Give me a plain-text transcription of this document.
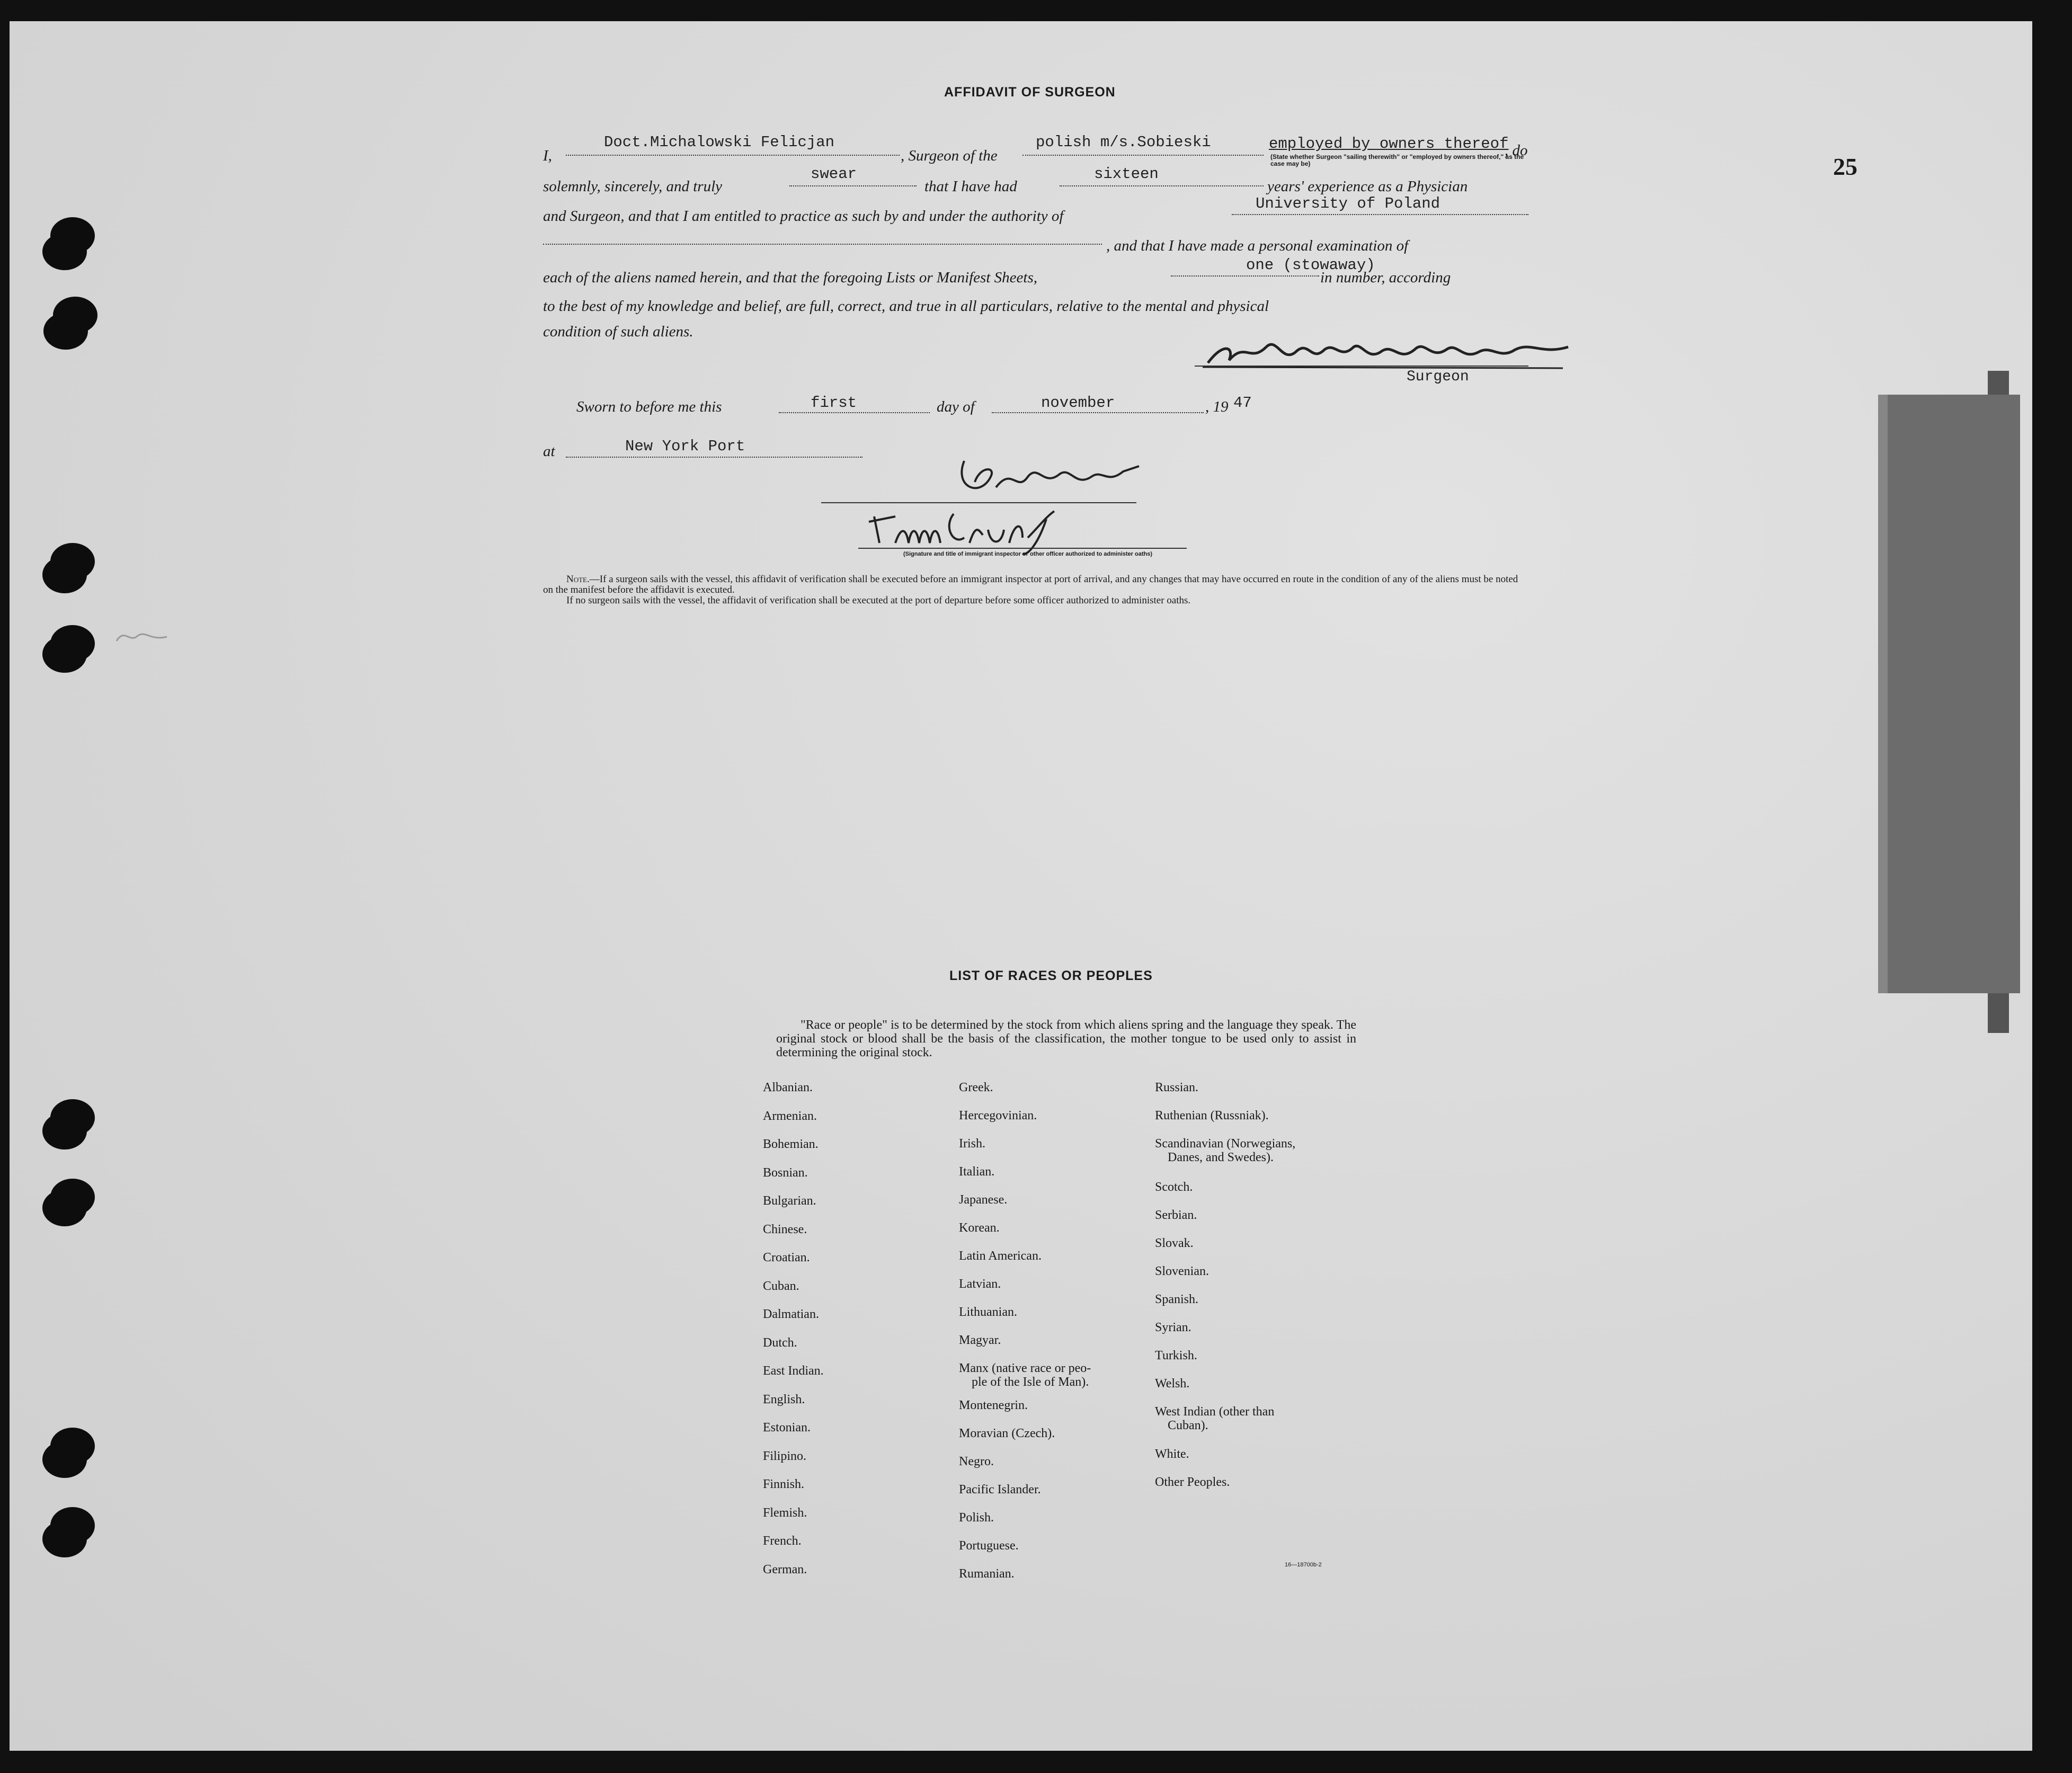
25
AFFIDAVIT OF SURGEON
I,
Doct.Michalowski Felicjan
, Surgeon of the
polish m/s.Sobieski	employed by owners thereof
, do
(State whether Surgeon "sailing therewith" or "employed by owners thereof," as the case may be)
solemnly, sincerely, and truly
swear
that I have had
sixteen
years' experience as a Physician
and Surgeon, and that I am entitled to practice as such by and under the authority of
University of Poland
, and that I have made a personal examination of
each of the aliens named herein, and that the foregoing Lists or Manifest Sheets,
one (stowaway)
in number, according
to the best of my knowledge and belief, are full, correct, and true in all particulars, relative to the mental and physical
condition of such aliens.
Surgeon
Sworn to before me this	first	day of	november	, 19 47
at	New York Port
(Signature and title of immigrant inspector or other officer authorized to administer oaths)

Note.—If a surgeon sails with the vessel, this affidavit of verification shall be executed before an immigrant inspector at port of arrival, and any changes that may have occurred en route in the condition of any of the aliens must be noted on the manifest before the affidavit is executed.

If no surgeon sails with the vessel, the affidavit of verification shall be executed at the port of departure before some officer authorized to administer oaths.

LIST OF RACES OR PEOPLES
"Race or people" is to be determined by the stock from which aliens spring and the language they speak. The original stock or blood shall be the basis of the classification, the mother tongue to be used only to assist in determining the original stock.
Albanian.
Armenian.
Bohemian.
Bosnian.
Bulgarian.
Chinese.
Croatian.
Cuban.
Dalmatian.
Dutch.
East Indian.
English.
Estonian.
Filipino.
Finnish.
Flemish.
French.
German.
Greek.
Hercegovinian.
Irish.
Italian.
Japanese.
Korean.
Latin American.
Latvian.
Lithuanian.
Magyar.
Manx (native race or peo-
ple of the Isle of Man).
Montenegrin.
Moravian (Czech).
Negro.
Pacific Islander.
Polish.
Portuguese.
Rumanian.
Russian.
Ruthenian (Russniak).
Scandinavian (Norwegians,
Danes, and Swedes).
Scotch.
Serbian.
Slovak.
Slovenian.
Spanish.
Syrian.
Turkish.
Welsh.
West Indian (other than
Cuban).
White.
Other Peoples.
16—18700b-2
